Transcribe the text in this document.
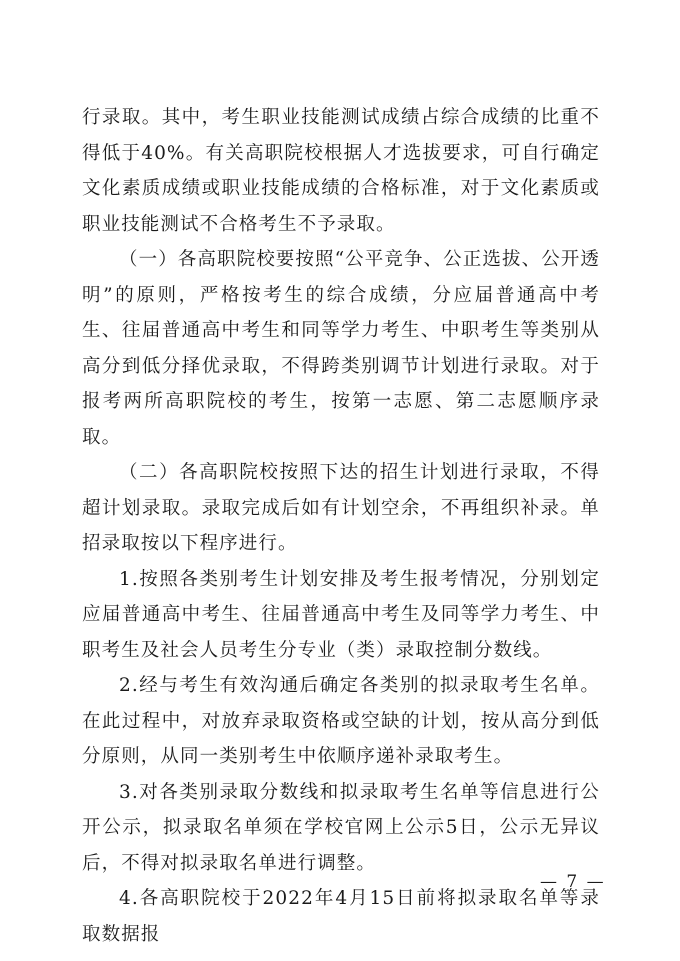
行录取。其中，考生职业技能测试成绩占综合成绩的比重不得低于40%。有关高职院校根据人才选拔要求，可自行确定文化素质成绩或职业技能成绩的合格标准，对于文化素质或职业技能测试不合格考生不予录取。

（一）各高职院校要按照“公平竞争、公正选拔、公开透明”的原则，严格按考生的综合成绩，分应届普通高中考生、往届普通高中考生和同等学力考生、中职考生等类别从高分到低分择优录取，不得跨类别调节计划进行录取。对于报考两所高职院校的考生，按第一志愿、第二志愿顺序录取。

（二）各高职院校按照下达的招生计划进行录取，不得超计划录取。录取完成后如有计划空余，不再组织补录。单招录取按以下程序进行。

1.按照各类别考生计划安排及考生报考情况，分别划定应届普通高中考生、往届普通高中考生及同等学力考生、中职考生及社会人员考生分专业（类）录取控制分数线。

2.经与考生有效沟通后确定各类别的拟录取考生名单。在此过程中，对放弃录取资格或空缺的计划，按从高分到低分原则，从同一类别考生中依顺序递补录取考生。

3.对各类别录取分数线和拟录取考生名单等信息进行公开公示，拟录取名单须在学校官网上公示5日，公示无异议后，不得对拟录取名单进行调整。

4.各高职院校于2022年4月15日前将拟录取名单等录取数据报

— 7 —
